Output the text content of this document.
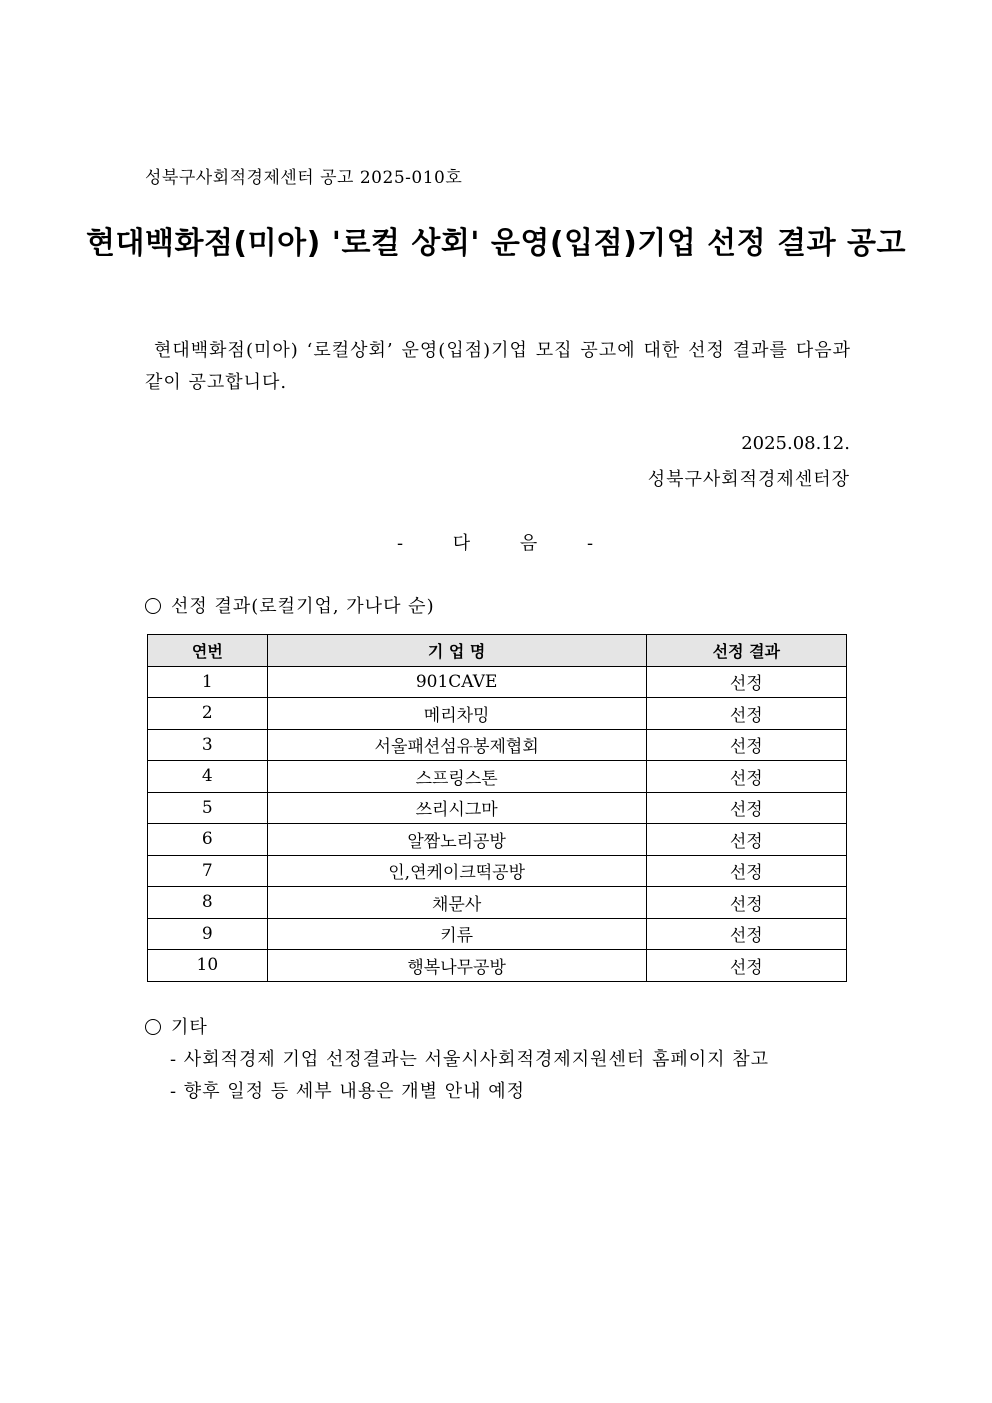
성북구사회적경제센터 공고 2025-010호
현대백화점(미아) '로컬 상회' 운영(입점)기업 선정 결과 공고
현대백화점(미아) ‘로컬상회’ 운영(입점)기업 모집 공고에 대한 선정 결과를 다음과 같이 공고합니다.
2025.08.12.
성북구사회적경제센터장
- 다 음 -
선정 결과(로컬기업, 가나다 순)
연번	기 업 명	선정 결과
1	901CAVE	선정
2	메리차밍	선정
3	서울패션섬유봉제협회	선정
4	스프링스톤	선정
5	쓰리시그마	선정
6	알짬노리공방	선정
7	인,연케이크떡공방	선정
8	채문사	선정
9	키류	선정
10	행복나무공방	선정
기타
- 사회적경제 기업 선정결과는 서울시사회적경제지원센터 홈페이지 참고
- 향후 일정 등 세부 내용은 개별 안내 예정
